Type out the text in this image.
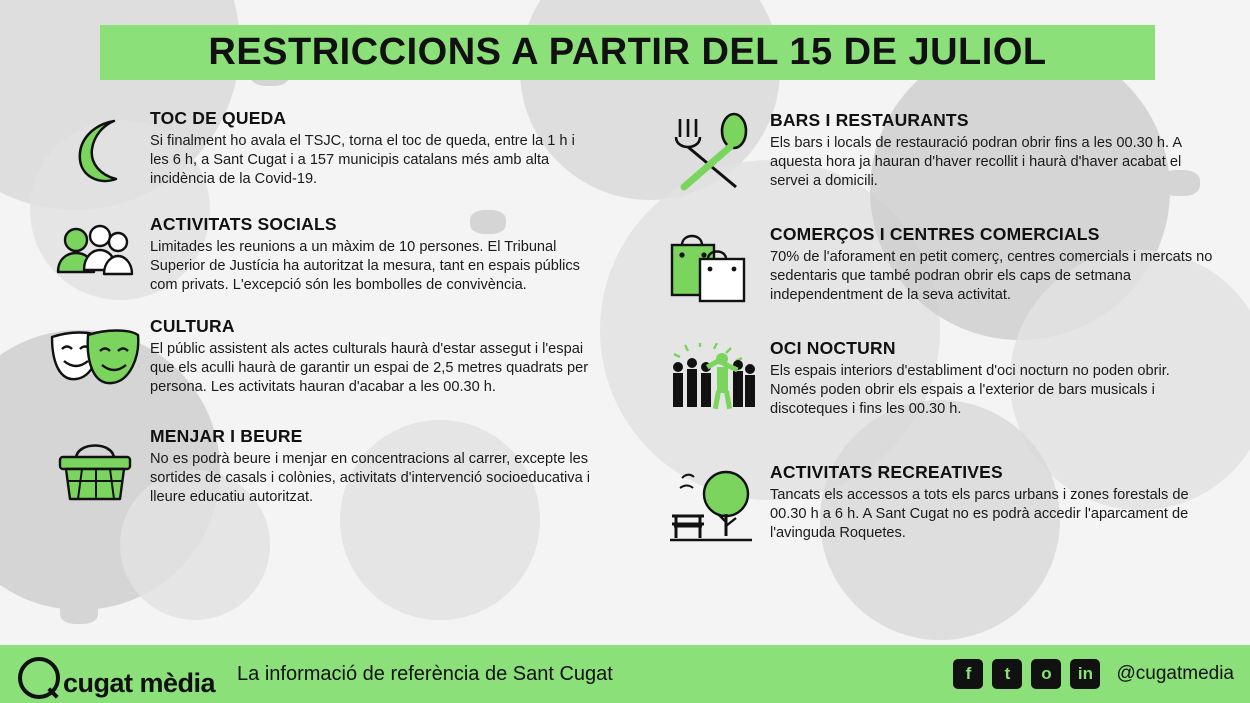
RESTRICCIONS A PARTIR DEL 15 DE JULIOL
TOC DE QUEDA

Si finalment ho avala el TSJC, torna el toc de queda, entre la 1 h i les 6 h, a Sant Cugat i a 157 municipis catalans més amb alta incidència de la Covid-19.

ACTIVITATS SOCIALS

Limitades les reunions a un màxim de 10 persones. El Tribunal Superior de Justícia ha autoritzat la mesura, tant en espais públics com privats. L'excepció són les bombolles de convivència.

CULTURA

El públic assistent als actes culturals haurà d'estar assegut i l'espai que els aculli haurà de garantir un espai de 2,5 metres quadrats per persona. Les activitats hauran d'acabar a les 00.30 h.

MENJAR I BEURE

No es podrà beure i menjar en concentracions al carrer, excepte les sortides de casals i colònies, activitats d'intervenció socioeducativa i lleure educatiu autoritzat.

BARS I RESTAURANTS

Els bars i locals de restauració podran obrir fins a les 00.30 h. A aquesta hora ja hauran d'haver recollit i haurà d'haver acabat el servei a domicili.

COMERÇOS I CENTRES COMERCIALS

70% de l'aforament en petit comerç, centres comercials i mercats no sedentaris que també podran obrir els caps de setmana independentment de la seva activitat.

OCI NOCTURN

Els espais interiors d'establiment d'oci nocturn no poden obrir. Només poden obrir els espais a l'exterior de bars musicals i discoteques i fins les 00.30 h.

ACTIVITATS RECREATIVES

Tancats els accessos a tots els parcs urbans i zones forestals de 00.30 h a 6 h. A Sant Cugat no es podrà accedir l'aparcament de l'avinguda Roquetes.

cugat mèdia La informació de referència de Sant Cugat	f	t	o	in	@cugatmedia
